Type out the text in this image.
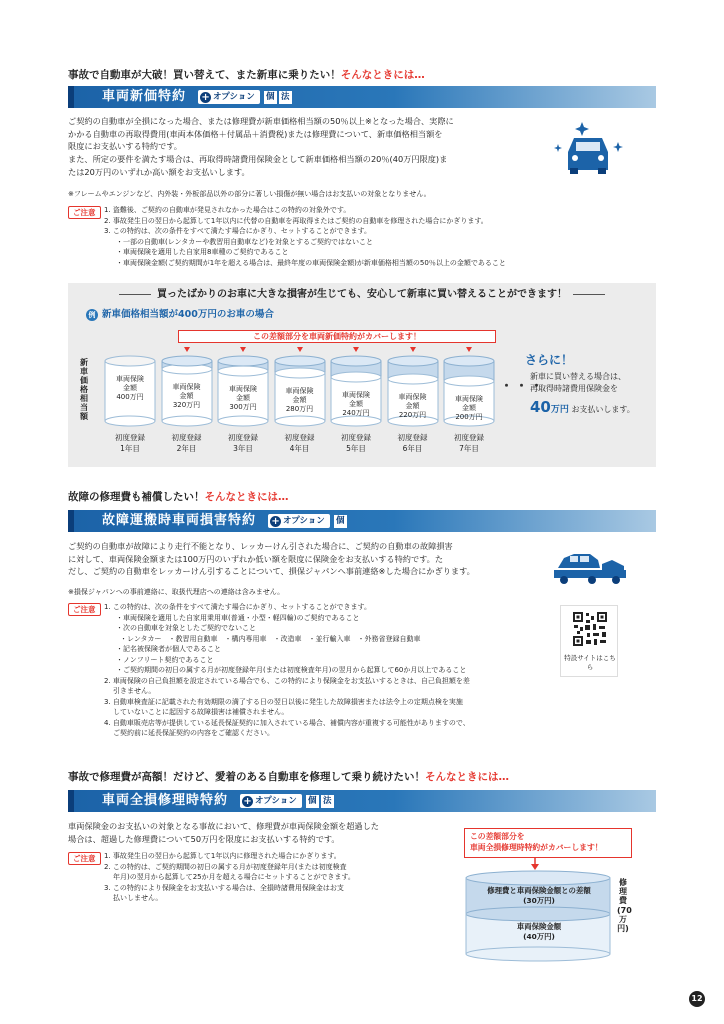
事故で自動車が大破！買い替えて、また新車に乗りたい！そんなときには…
車両新価特約 + オプション 個 法
ご契約の自動車が全損になった場合、または修理費が新車価格相当額の50％以上※となった場合、実際に
かかる自動車の再取得費用(車両本体価格＋付属品＋消費税)または修理費について、新車価格相当額を
限度にお支払いする特約です。
また、所定の要件を満たす場合は、再取得時諸費用保険金として新車価格相当額の20％(40万円限度)ま
たは20万円のいずれか高い額をお支払いします。
※フレームやエンジンなど、内外装・外板部品以外の部分に著しい損傷が無い場合はお支払いの対象となりません。
ご注意	1. 盗難後、ご契約の自動車が発見されなかった場合はこの特約の対象外です。
2. 事故発生日の翌日から起算して1年以内に代替の自動車を再取得またはご契約の自動車を修理された場合にかぎります。
3. この特約は、次の条件をすべて満たす場合にかぎり、セットすることができます。
・一部の自動車(レンタカーや教習用自動車など)を対象とするご契約ではないこと
・車両保険を適用した自家用8車種のご契約であること
・車両保険金額(ご契約期間が1年を超える場合は、最終年度の車両保険金額)が新車価格相当額の50％以上の金額であること
買ったばかりのお車に大きな損害が生じても、安心して新車に買い替えることができます！
例 新車価格相当額が400万円のお車の場合
この差額部分を車両新価特約がカバーします！
新車価格相当額
・・・
さらに！
新車に買い替える場合は、
再取得時諸費用保険金を
40万円 お支払いします。
車両保険
金額
400万円
初度登録
1年目
車両保険
金額
320万円
初度登録
2年目
車両保険
金額
300万円
初度登録
3年目
車両保険
金額
280万円
初度登録
4年目
車両保険
金額
240万円
初度登録
5年目
車両保険
金額
220万円
初度登録
6年目
車両保険
金額
200万円
初度登録
7年目
故障の修理費も補償したい！そんなときには…
故障運搬時車両損害特約 + オプション 個
ご契約の自動車が故障により走行不能となり、レッカーけん引された場合に、ご契約の自動車の故障損害
に対して、車両保険金額または100万円のいずれか低い額を限度に保険金をお支払いする特約です。た
だし、ご契約の自動車をレッカーけん引することについて、損保ジャパンへ事前連絡※した場合にかぎります。
※損保ジャパンへの事前連絡に、取扱代理店への連絡は含みません。
ご注意	1. この特約は、次の条件をすべて満たす場合にかぎり、セットすることができます。
・車両保険を適用した自家用乗用車(普通・小型・軽四輪)のご契約であること
・次の自動車を対象としたご契約でないこと
・レンタカー　・教習用自動車　・構内専用車　・改造車　・並行輸入車　・外務省登録自動車
・記名被保険者が個人であること
・ノンフリート契約であること
・ご契約期間の初日の属する月が初度登録年月(または初度検査年月)の翌月から起算して60か月以上であること
2. 車両保険の自己負担額を設定されている場合でも、この特約により保険金をお支払いするときは、自己負担額を差
引きません。
3. 自動車検査証に記載された有効期限の満了する日の翌日以後に発生した故障損害または法令上の定期点検を実施
していないことに起因する故障損害は補償されません。
4. 自動車販売店等が提供している延長保証契約に加入されている場合、補償内容が重複する可能性がありますので、
ご契約前に延長保証契約の内容をご確認ください。
特設サイトはこちら
事故で修理費が高額！だけど、愛着のある自動車を修理して乗り続けたい！そんなときには…
車両全損修理時特約 + オプション 個 法
車両保険金のお支払いの対象となる事故において、修理費が車両保険金額を超過した
場合は、超過した修理費について50万円を限度にお支払いする特約です。
ご注意	1. 事故発生日の翌日から起算して1年以内に修理された場合にかぎります。
2. この特約は、ご契約期間の初日の属する月が初度登録年月(または初度検査
年月)の翌月から起算して25か月を超える場合にセットすることができます。
3. この特約により保険金をお支払いする場合は、全損時諸費用保険金はお支
払いしません。
この差額部分を
車両全損修理時特約がカバーします！
修理費と車両保険金額との差額
(30万円)
車両保険金額
(40万円)
修理費(70万円)
12
